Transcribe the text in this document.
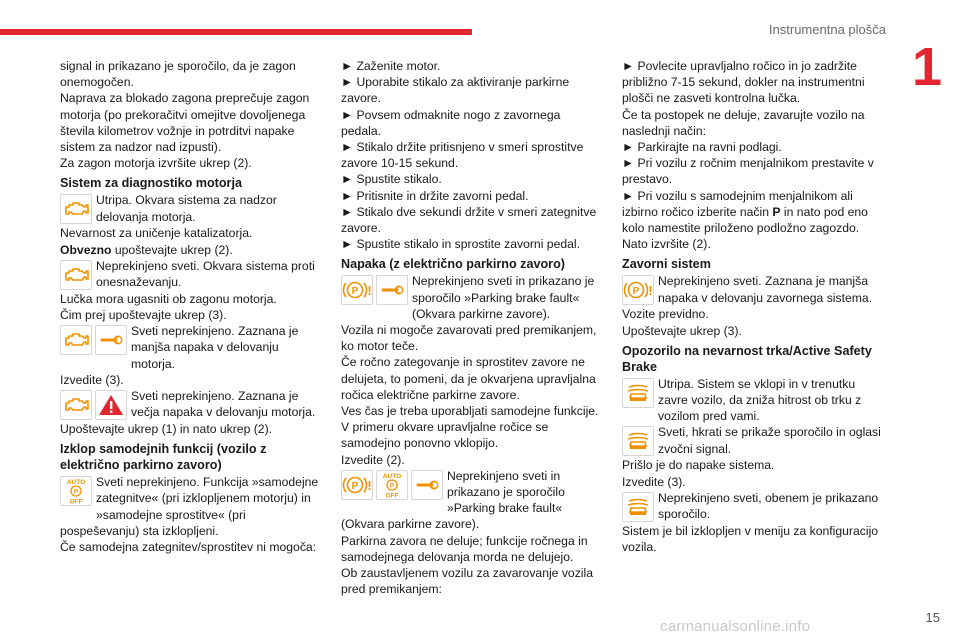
Instrumentna plošča
1

signal in prikazano je sporočilo, da je zagon onemogočen.

Naprava za blokado zagona preprečuje zagon motorja (po prekoračitvi omejitve dovoljenega števila kilometrov vožnje in potrditvi napake sistem za nadzor nad izpusti).

Za zagon motorja izvršite ukrep (2).

Sistem za diagnostiko motorja
Utripa. Okvara sistema za nadzor delovanja motorja.

Nevarnost za uničenje katalizatorja.

Obvezno upoštevajte ukrep (2).

Neprekinjeno sveti. Okvara sistema proti onesnaževanju.

Lučka mora ugasniti ob zagonu motorja.

Čim prej upoštevajte ukrep (3).

Sveti neprekinjeno. Zaznana je manjša napaka v delovanju motorja.

Izvedite (3).

Sveti neprekinjeno. Zaznana je večja napaka v delovanju motorja.

Upoštevajte ukrep (1) in nato ukrep (2).

Izklop samodejnih funkcij (vozilo z električno parkirno zavoro)
AUTO
P
OFF
Sveti neprekinjeno. Funkcija »samodejne zategnitve« (pri izklopljenem motorju) in »samodejne sprostitve« (pri pospeševanju) sta izklopljeni.

Če samodejna zategnitev/sprostitev ni mogoča:

► Zaženite motor.

► Uporabite stikalo za aktiviranje parkirne zavore.

► Povsem odmaknite nogo z zavornega pedala.

► Stikalo držite pritisnjeno v smeri sprostitve zavore 10-15 sekund.

► Spustite stikalo.

► Pritisnite in držite zavorni pedal.

► Stikalo dve sekundi držite v smeri zategnitve zavore.

► Spustite stikalo in sprostite zavorni pedal.

Napaka (z električno parkirno zavoro)
Neprekinjeno sveti in prikazano je sporočilo »Parking brake fault« (Okvara parkirne zavore).

Vozila ni mogoče zavarovati pred premikanjem, ko motor teče.

Če ročno zategovanje in sprostitev zavore ne delujeta, to pomeni, da je okvarjena upravljalna ročica električne parkirne zavore.

Ves čas je treba uporabljati samodejne funkcije. V primeru okvare upravljalne ročice se samodejno ponovno vklopijo.

Izvedite (2).

AUTO
P
OFF
Neprekinjeno sveti in prikazano je sporočilo »Parking brake fault« (Okvara parkirne zavore).

Parkirna zavora ne deluje; funkcije ročnega in samodejnega delovanja morda ne delujejo.

Ob zaustavljenem vozilu za zavarovanje vozila pred premikanjem:

► Povlecite upravljalno ročico in jo zadržite približno 7-15 sekund, dokler na instrumentni plošči ne zasveti kontrolna lučka.

Če ta postopek ne deluje, zavarujte vozilo na naslednji način:

► Parkirajte na ravni podlagi.

► Pri vozilu z ročnim menjalnikom prestavite v prestavo.

► Pri vozilu s samodejnim menjalnikom ali izbirno ročico izberite način P in nato pod eno kolo namestite priloženo podložno zagozdo.

Nato izvršite (2).

Zavorni sistem
Neprekinjeno sveti. Zaznana je manjša napaka v delovanju zavornega sistema.

Vozite previdno.

Upoštevajte ukrep (3).

Opozorilo na nevarnost trka/Active Safety Brake
Utripa. Sistem se vklopi in v trenutku zavre vozilo, da zniža hitrost ob trku z vozilom pred vami.
Sveti, hkrati se prikaže sporočilo in oglasi zvočni signal.

Prišlo je do napake sistema.

Izvedite (3).

Neprekinjeno sveti, obenem je prikazano sporočilo.

Sistem je bil izklopljen v meniju za konfiguracijo vozila.

carmanualsonline.info
15
